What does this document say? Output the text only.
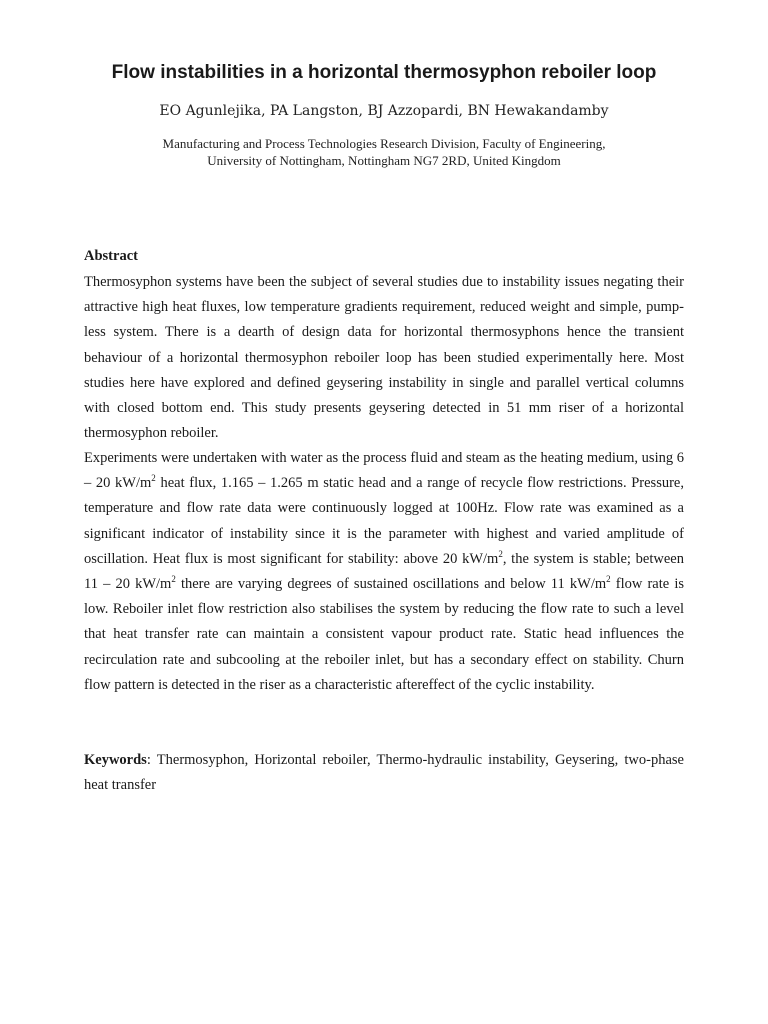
Flow instabilities in a horizontal thermosyphon reboiler loop

EO Agunlejika, PA Langston, BJ Azzopardi, BN Hewakandamby

Manufacturing and Process Technologies Research Division, Faculty of Engineering,
University of Nottingham, Nottingham NG7 2RD, United Kingdom

Abstract

Thermosyphon systems have been the subject of several studies due to instability issues negating their attractive high heat fluxes, low temperature gradients requirement, reduced weight and simple, pump-less system. There is a dearth of design data for horizontal thermosyphons hence the transient behaviour of a horizontal thermosyphon reboiler loop has been studied experimentally here. Most studies here have explored and defined geysering instability in single and parallel vertical columns with closed bottom end. This study presents geysering detected in 51 mm riser of a horizontal thermosyphon reboiler.

Experiments were undertaken with water as the process fluid and steam as the heating medium, using 6 – 20 $kW/m^2$ heat flux, 1.165 – 1.265 m static head and a range of recycle flow restrictions. Pressure, temperature and flow rate data were continuously logged at 100Hz. Flow rate was examined as a significant indicator of instability since it is the parameter with highest and varied amplitude of oscillation. Heat flux is most significant for stability: above 20 $kW/m^2$, the system is stable; between 11 – 20 $kW/m^2$ there are varying degrees of sustained oscillations and below 11 $kW/m^2$ flow rate is low. Reboiler inlet flow restriction also stabilises the system by reducing the flow rate to such a level that heat transfer rate can maintain a consistent vapour product rate. Static head influences the recirculation rate and subcooling at the reboiler inlet, but has a secondary effect on stability. Churn flow pattern is detected in the riser as a characteristic aftereffect of the cyclic instability.

Keywords: Thermosyphon, Horizontal reboiler, Thermo-hydraulic instability, Geysering, two-phase heat transfer
